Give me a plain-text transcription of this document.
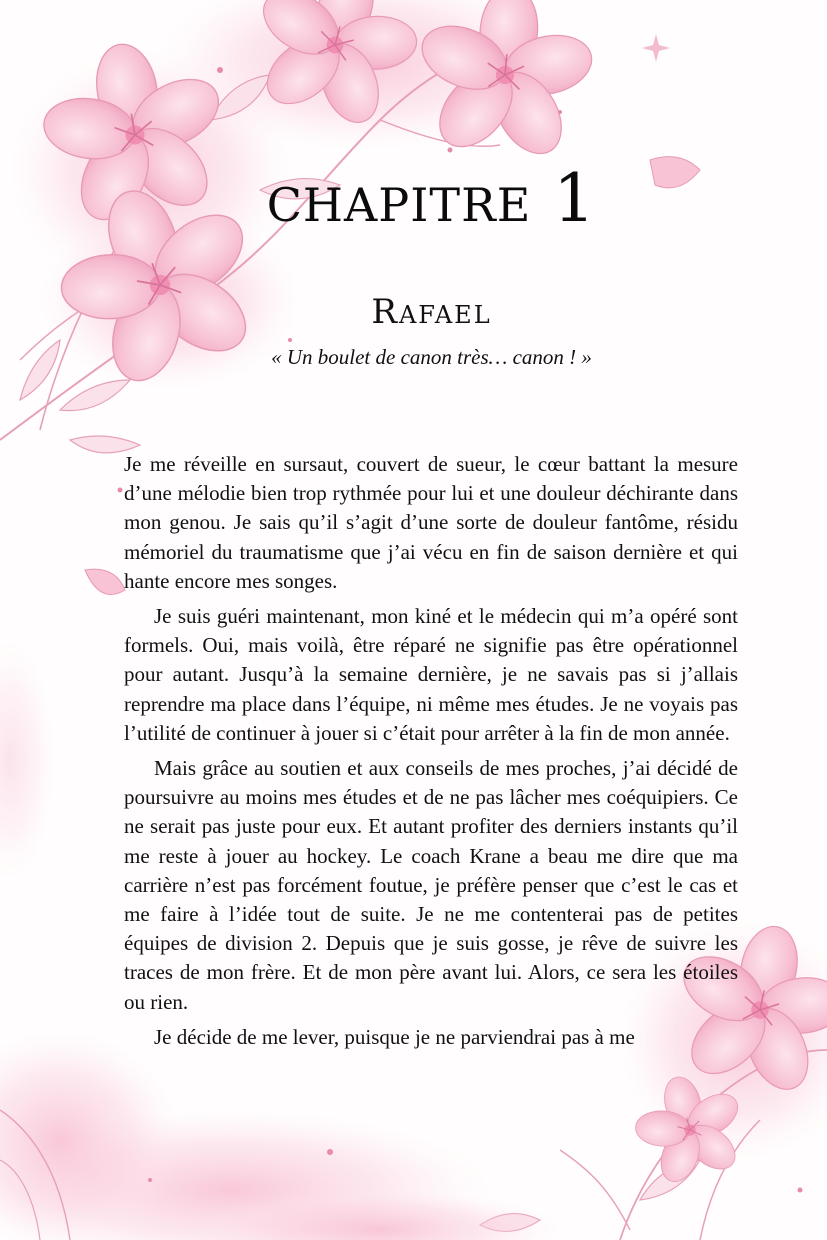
chapitre 1
Rafael

« Un boulet de canon très… canon ! »

Je me réveille en sursaut, couvert de sueur, le cœur battant la mesure d’une mélodie bien trop rythmée pour lui et une douleur déchirante dans mon genou. Je sais qu’il s’agit d’une sorte de douleur fantôme, résidu mémoriel du traumatisme que j’ai vécu en fin de saison dernière et qui hante encore mes songes.

Je suis guéri maintenant, mon kiné et le médecin qui m’a opéré sont formels. Oui, mais voilà, être réparé ne signifie pas être opérationnel pour autant. Jusqu’à la semaine dernière, je ne savais pas si j’allais reprendre ma place dans l’équipe, ni même mes études. Je ne voyais pas l’utilité de continuer à jouer si c’était pour arrêter à la fin de mon année.

Mais grâce au soutien et aux conseils de mes proches, j’ai décidé de poursuivre au moins mes études et de ne pas lâcher mes coéquipiers. Ce ne serait pas juste pour eux. Et autant profiter des derniers instants qu’il me reste à jouer au hockey. Le coach Krane a beau me dire que ma carrière n’est pas forcément foutue, je préfère penser que c’est le cas et me faire à l’idée tout de suite. Je ne me contenterai pas de petites équipes de division 2. Depuis que je suis gosse, je rêve de suivre les traces de mon frère. Et de mon père avant lui. Alors, ce sera les étoiles ou rien.

Je décide de me lever, puisque je ne parviendrai pas à me
